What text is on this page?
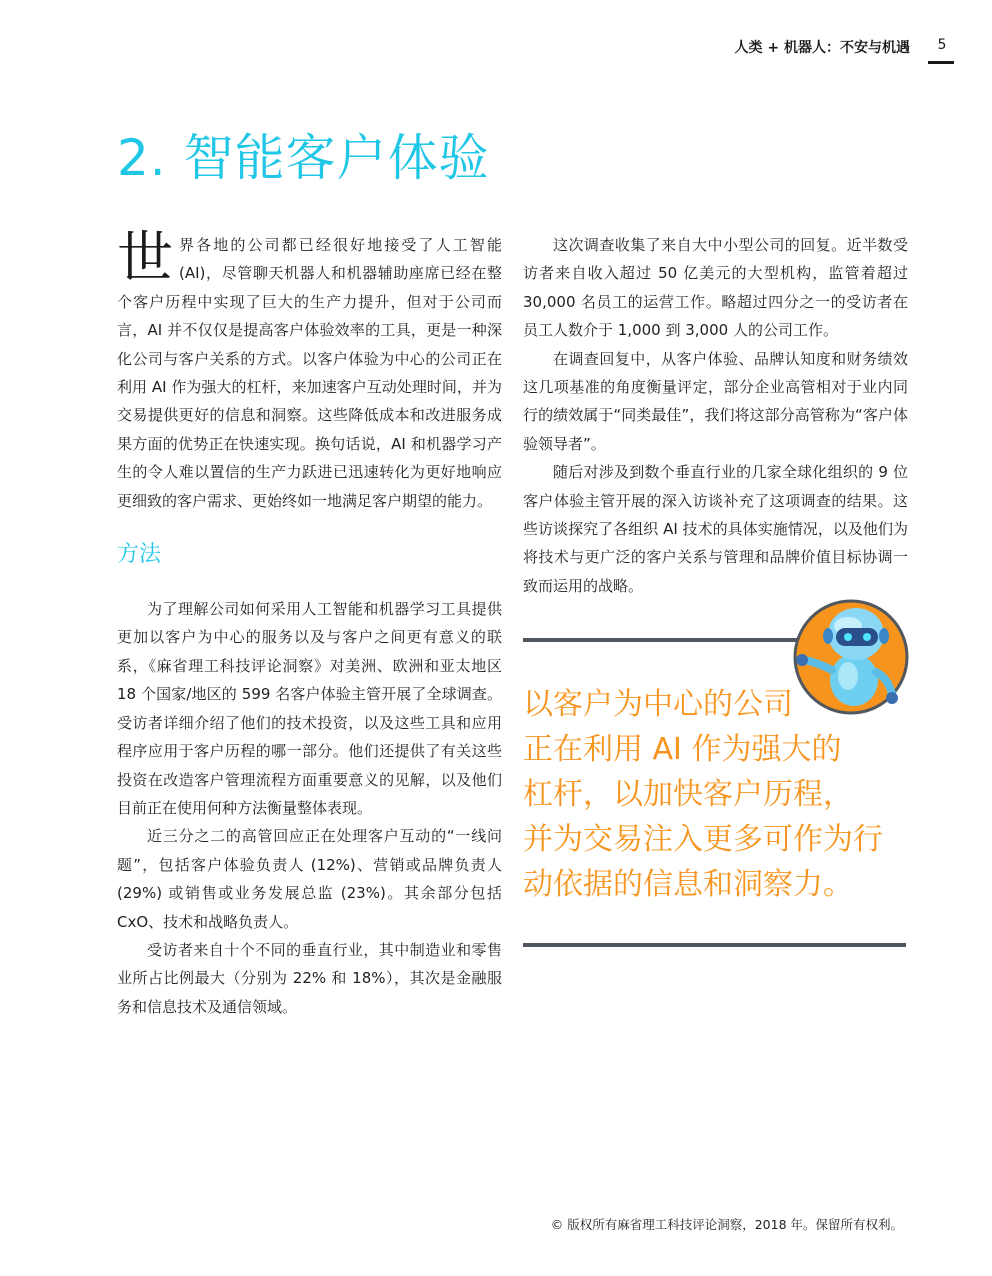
人类 + 机器人：不安与机遇	5
2. 智能客户体验

世界各地的公司都已经很好地接受了人工智能(AI)，尽管聊天机器人和机器辅助座席已经在整个客户历程中实现了巨大的生产力提升，但对于公司而言，AI 并不仅仅是提高客户体验效率的工具，更是一种深化公司与客户关系的方式。以客户体验为中心的公司正在利用 AI 作为强大的杠杆，来加速客户互动处理时间，并为交易提供更好的信息和洞察。这些降低成本和改进服务成果方面的优势正在快速实现。换句话说，AI 和机器学习产生的令人难以置信的生产力跃进已迅速转化为更好地响应更细致的客户需求、更始终如一地满足客户期望的能力。

方法

为了理解公司如何采用人工智能和机器学习工具提供更加以客户为中心的服务以及与客户之间更有意义的联系，《麻省理工科技评论洞察》对美洲、欧洲和亚太地区 18 个国家/地区的 599 名客户体验主管开展了全球调查。受访者详细介绍了他们的技术投资，以及这些工具和应用程序应用于客户历程的哪一部分。他们还提供了有关这些投资在改造客户管理流程方面重要意义的见解，以及他们目前正在使用何种方法衡量整体表现。

近三分之二的高管回应正在处理客户互动的“一线问题”，包括客户体验负责人 (12%)、营销或品牌负责人 (29%) 或销售或业务发展总监 (23%)。其余部分包括 CxO、技术和战略负责人。

受访者来自十个不同的垂直行业，其中制造业和零售业所占比例最大（分别为 22% 和 18%），其次是金融服务和信息技术及通信领域。

这次调查收集了来自大中小型公司的回复。近半数受访者来自收入超过 50 亿美元的大型机构，监管着超过 30,000 名员工的运营工作。略超过四分之一的受访者在员工人数介于 1,000 到 3,000 人的公司工作。

在调查回复中，从客户体验、品牌认知度和财务绩效这几项基准的角度衡量评定，部分企业高管相对于业内同行的绩效属于“同类最佳”，我们将这部分高管称为“客户体验领导者”。

随后对涉及到数个垂直行业的几家全球化组织的 9 位客户体验主管开展的深入访谈补充了这项调查的结果。这些访谈探究了各组织 AI 技术的具体实施情况，以及他们为将技术与更广泛的客户关系与管理和品牌价值目标协调一致而运用的战略。

以客户为中心的公司
正在利用 AI 作为强大的
杠杆，以加快客户历程，
并为交易注入更多可作为行
动依据的信息和洞察力。
© 版权所有麻省理工科技评论洞察，2018 年。保留所有权利。
